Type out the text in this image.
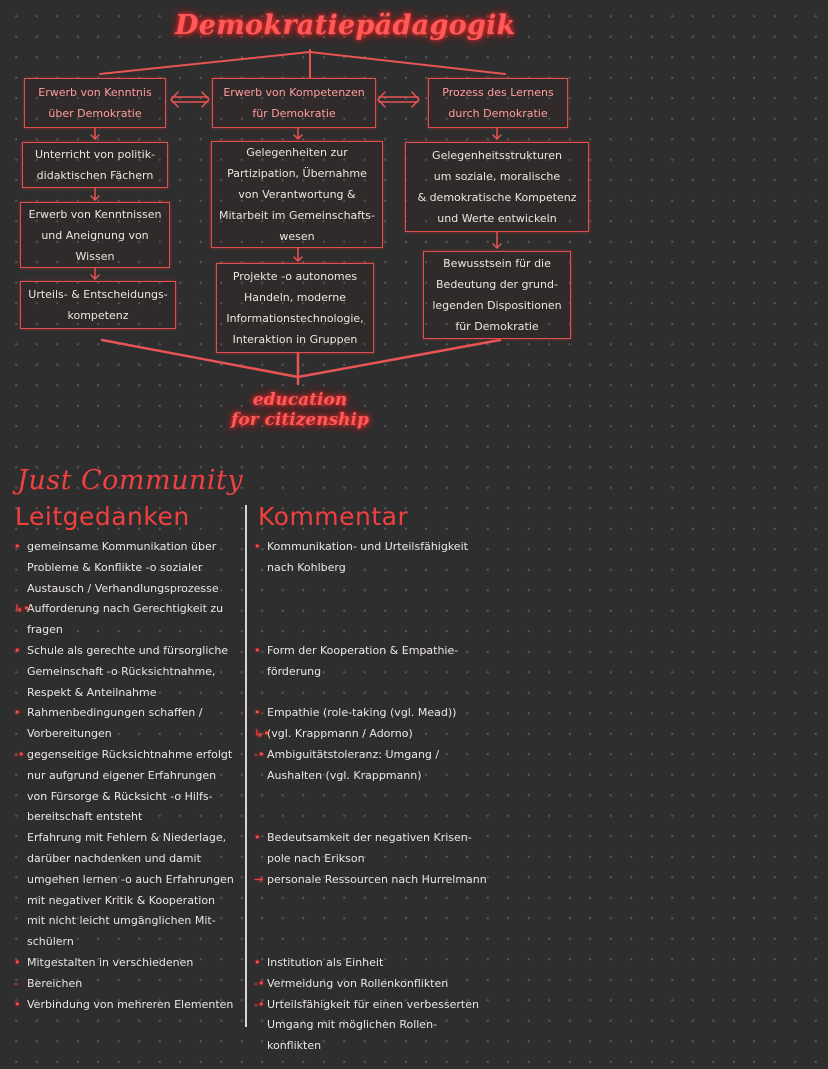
Demokratiepädagogik
Erwerb von Kenntnis
über Demokratie
Unterricht von politik-
didaktischen Fächern
Erwerb von Kenntnissen
und Aneignung von
Wissen
Urteils- & Entscheidungs-
kompetenz
Erwerb von Kompetenzen
für Demokratie
Gelegenheiten zur
Partizipation, Übernahme
von Verantwortung &
Mitarbeit im Gemeinschafts-
wesen
Projekte -o autonomes
Handeln, moderne
Informationstechnologie,
Interaktion in Gruppen
Prozess des Lernens
durch Demokratie
Gelegenheitsstrukturen
um soziale, moralische
& demokratische Kompetenz
und Werte entwickeln
Bewusstsein für die
Bedeutung der grund-
legenden Dispositionen
für Demokratie
education
for citizenship
Just Community
Leitgedanken	Kommentar
• gemeinsame Kommunikation über
Probleme & Konflikte -o sozialer
Austausch / Verhandlungsprozesse
↳•
Aufforderung nach Gerechtigkeit zu
fragen
• Schule als gerechte und fürsorgliche
Gemeinschaft -o Rücksichtnahme,
Respekt & Anteilnahme
• Rahmenbedingungen schaffen /
Vorbereitungen
-• gegenseitige Rücksichtnahme erfolgt
nur aufgrund eigener Erfahrungen
von Fürsorge & Rücksicht -o Hilfs-
bereitschaft entsteht
Erfahrung mit Fehlern & Niederlage,
darüber nachdenken und damit
umgehen lernen -o auch Erfahrungen
mit negativer Kritik & Kooperation
mit nicht leicht umgänglichen Mit-
schülern
• Mitgestalten in verschiedenen
- Bereichen
• Verbindung von mehreren Elementen
• Kommunikation- und Urteilsfähigkeit
nach Kohlberg
• Form der Kooperation & Empathie-
förderung
• Empathie (role-taking (vgl. Mead))
↳•
(vgl. Krappmann / Adorno)
-• Ambiguitätstoleranz: Umgang /
Aushalten (vgl. Krappmann)
• Bedeutsamkeit der negativen Krisen-
pole nach Erikson
→ personale Ressourcen nach Hurrelmann
• Institution als Einheit
-• Vermeidung von Rollenkonflikten
-• Urteilsfähigkeit für einen verbesserten
Umgang mit möglichen Rollen-
konflikten
